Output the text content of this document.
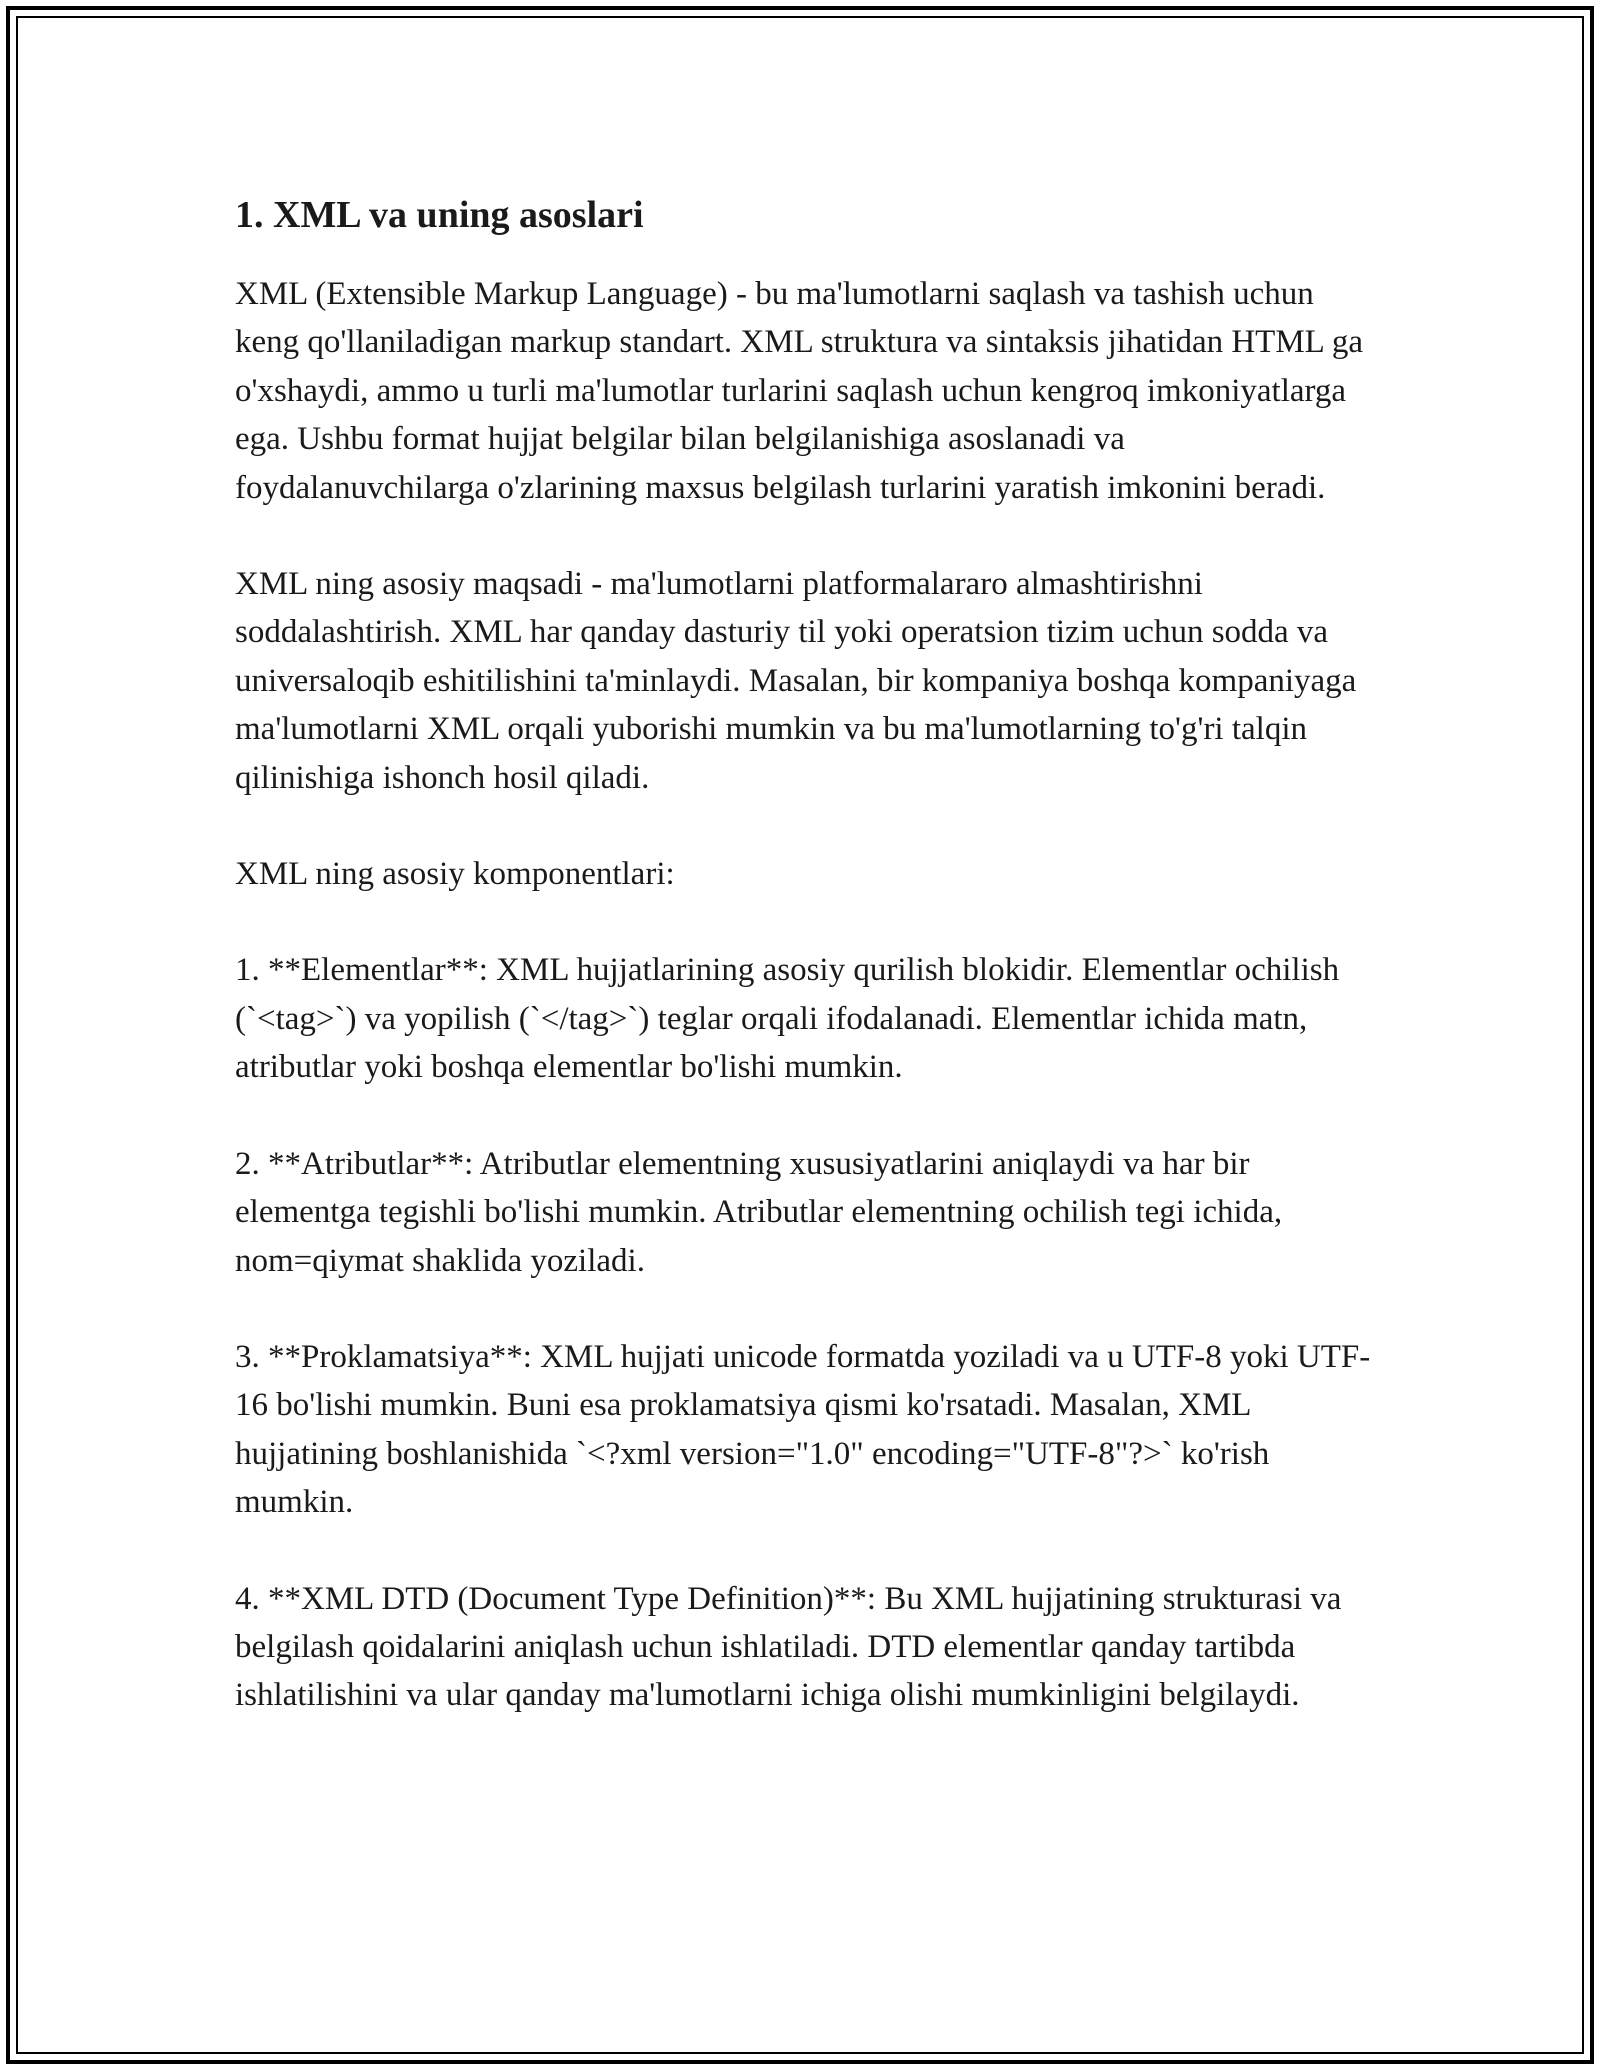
1. XML va uning asoslari

XML (Extensible Markup Language) - bu ma'lumotlarni saqlash va tashish uchun keng qo'llaniladigan markup standart. XML struktura va sintaksis jihatidan HTML ga o'xshaydi, ammo u turli ma'lumotlar turlarini saqlash uchun kengroq imkoniyatlarga ega. Ushbu format hujjat belgilar bilan belgilanishiga asoslanadi va foydalanuvchilarga o'zlarining maxsus belgilash turlarini yaratish imkonini beradi.

XML ning asosiy maqsadi - ma'lumotlarni platformalararo almashtirishni soddalashtirish. XML har qanday dasturiy til yoki operatsion tizim uchun sodda va universaloqib eshitilishini ta'minlaydi. Masalan, bir kompaniya boshqa kompaniyaga ma'lumotlarni XML orqali yuborishi mumkin va bu ma'lumotlarning to'g'ri talqin qilinishiga ishonch hosil qiladi.

XML ning asosiy komponentlari:

1. **Elementlar**: XML hujjatlarining asosiy qurilish blokidir. Elementlar ochilish (`<tag>`) va yopilish (`</tag>`) teglar orqali ifodalanadi. Elementlar ichida matn, atributlar yoki boshqa elementlar bo'lishi mumkin.

2. **Atributlar**: Atributlar elementning xususiyatlarini aniqlaydi va har bir elementga tegishli bo'lishi mumkin. Atributlar elementning ochilish tegi ichida, nom=qiymat shaklida yoziladi.

3. **Proklamatsiya**: XML hujjati unicode formatda yoziladi va u UTF-8 yoki UTF-16 bo'lishi mumkin. Buni esa proklamatsiya qismi ko'rsatadi. Masalan, XML hujjatining boshlanishida `<?xml version="1.0" encoding="UTF-8"?>` ko'rish mumkin.

4. **XML DTD (Document Type Definition)**: Bu XML hujjatining strukturasi va belgilash qoidalarini aniqlash uchun ishlatiladi. DTD elementlar qanday tartibda ishlatilishini va ular qanday ma'lumotlarni ichiga olishi mumkinligini belgilaydi.
